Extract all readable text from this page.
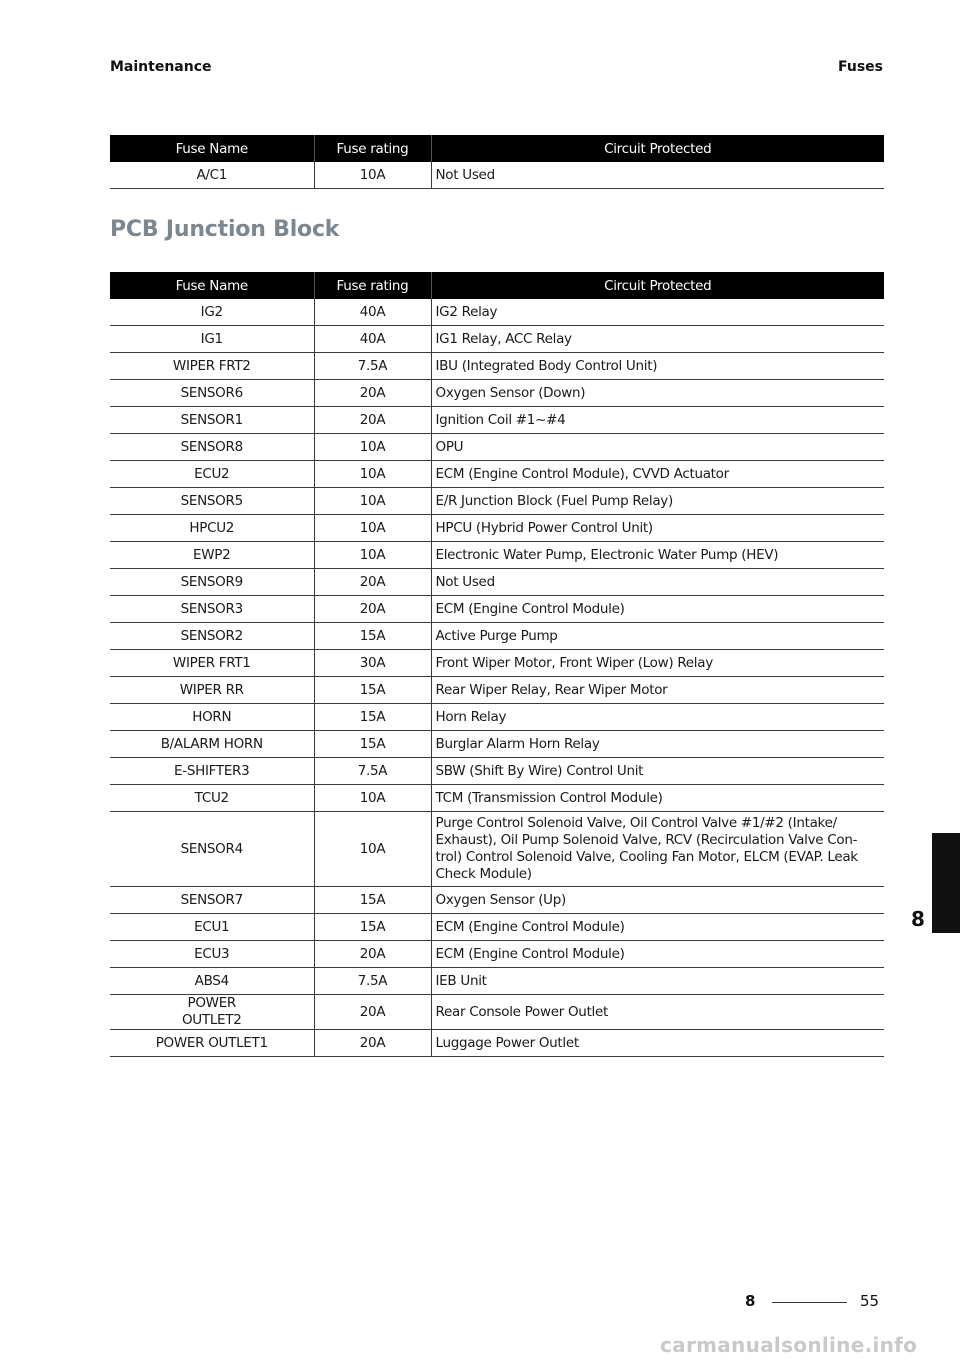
Maintenance	Fuses
Fuse Name	Fuse rating	Circuit Protected
A/C1	10A	Not Used
PCB Junction Block
Fuse Name	Fuse rating	Circuit Protected
IG2	40A	IG2 Relay
IG1	40A	IG1 Relay, ACC Relay
WIPER FRT2	7.5A	IBU (Integrated Body Control Unit)
SENSOR6	20A	Oxygen Sensor (Down)
SENSOR1	20A	Ignition Coil #1~#4
SENSOR8	10A	OPU
ECU2	10A	ECM (Engine Control Module), CVVD Actuator
SENSOR5	10A	E/R Junction Block (Fuel Pump Relay)
HPCU2	10A	HPCU (Hybrid Power Control Unit)
EWP2	10A	Electronic Water Pump, Electronic Water Pump (HEV)
SENSOR9	20A	Not Used
SENSOR3	20A	ECM (Engine Control Module)
SENSOR2	15A	Active Purge Pump
WIPER FRT1	30A	Front Wiper Motor, Front Wiper (Low) Relay
WIPER RR	15A	Rear Wiper Relay, Rear Wiper Motor
HORN	15A	Horn Relay
B/ALARM HORN	15A	Burglar Alarm Horn Relay
E-SHIFTER3	7.5A	SBW (Shift By Wire) Control Unit
TCU2	10A	TCM (Transmission Control Module)
SENSOR4	10A	Purge Control Solenoid Valve, Oil Control Valve #1/#2 (Intake/ Exhaust), Oil Pump Solenoid Valve, RCV (Recirculation Valve Con- trol) Control Solenoid Valve, Cooling Fan Motor, ELCM (EVAP. Leak Check Module)
SENSOR7	15A	Oxygen Sensor (Up)
ECU1	15A	ECM (Engine Control Module)
ECU3	20A	ECM (Engine Control Module)
ABS4	7.5A	IEB Unit
POWER OUTLET2	20A	Rear Console Power Outlet
POWER OUTLET1	20A	Luggage Power Outlet
8
8	55
carmanualsonline.info
